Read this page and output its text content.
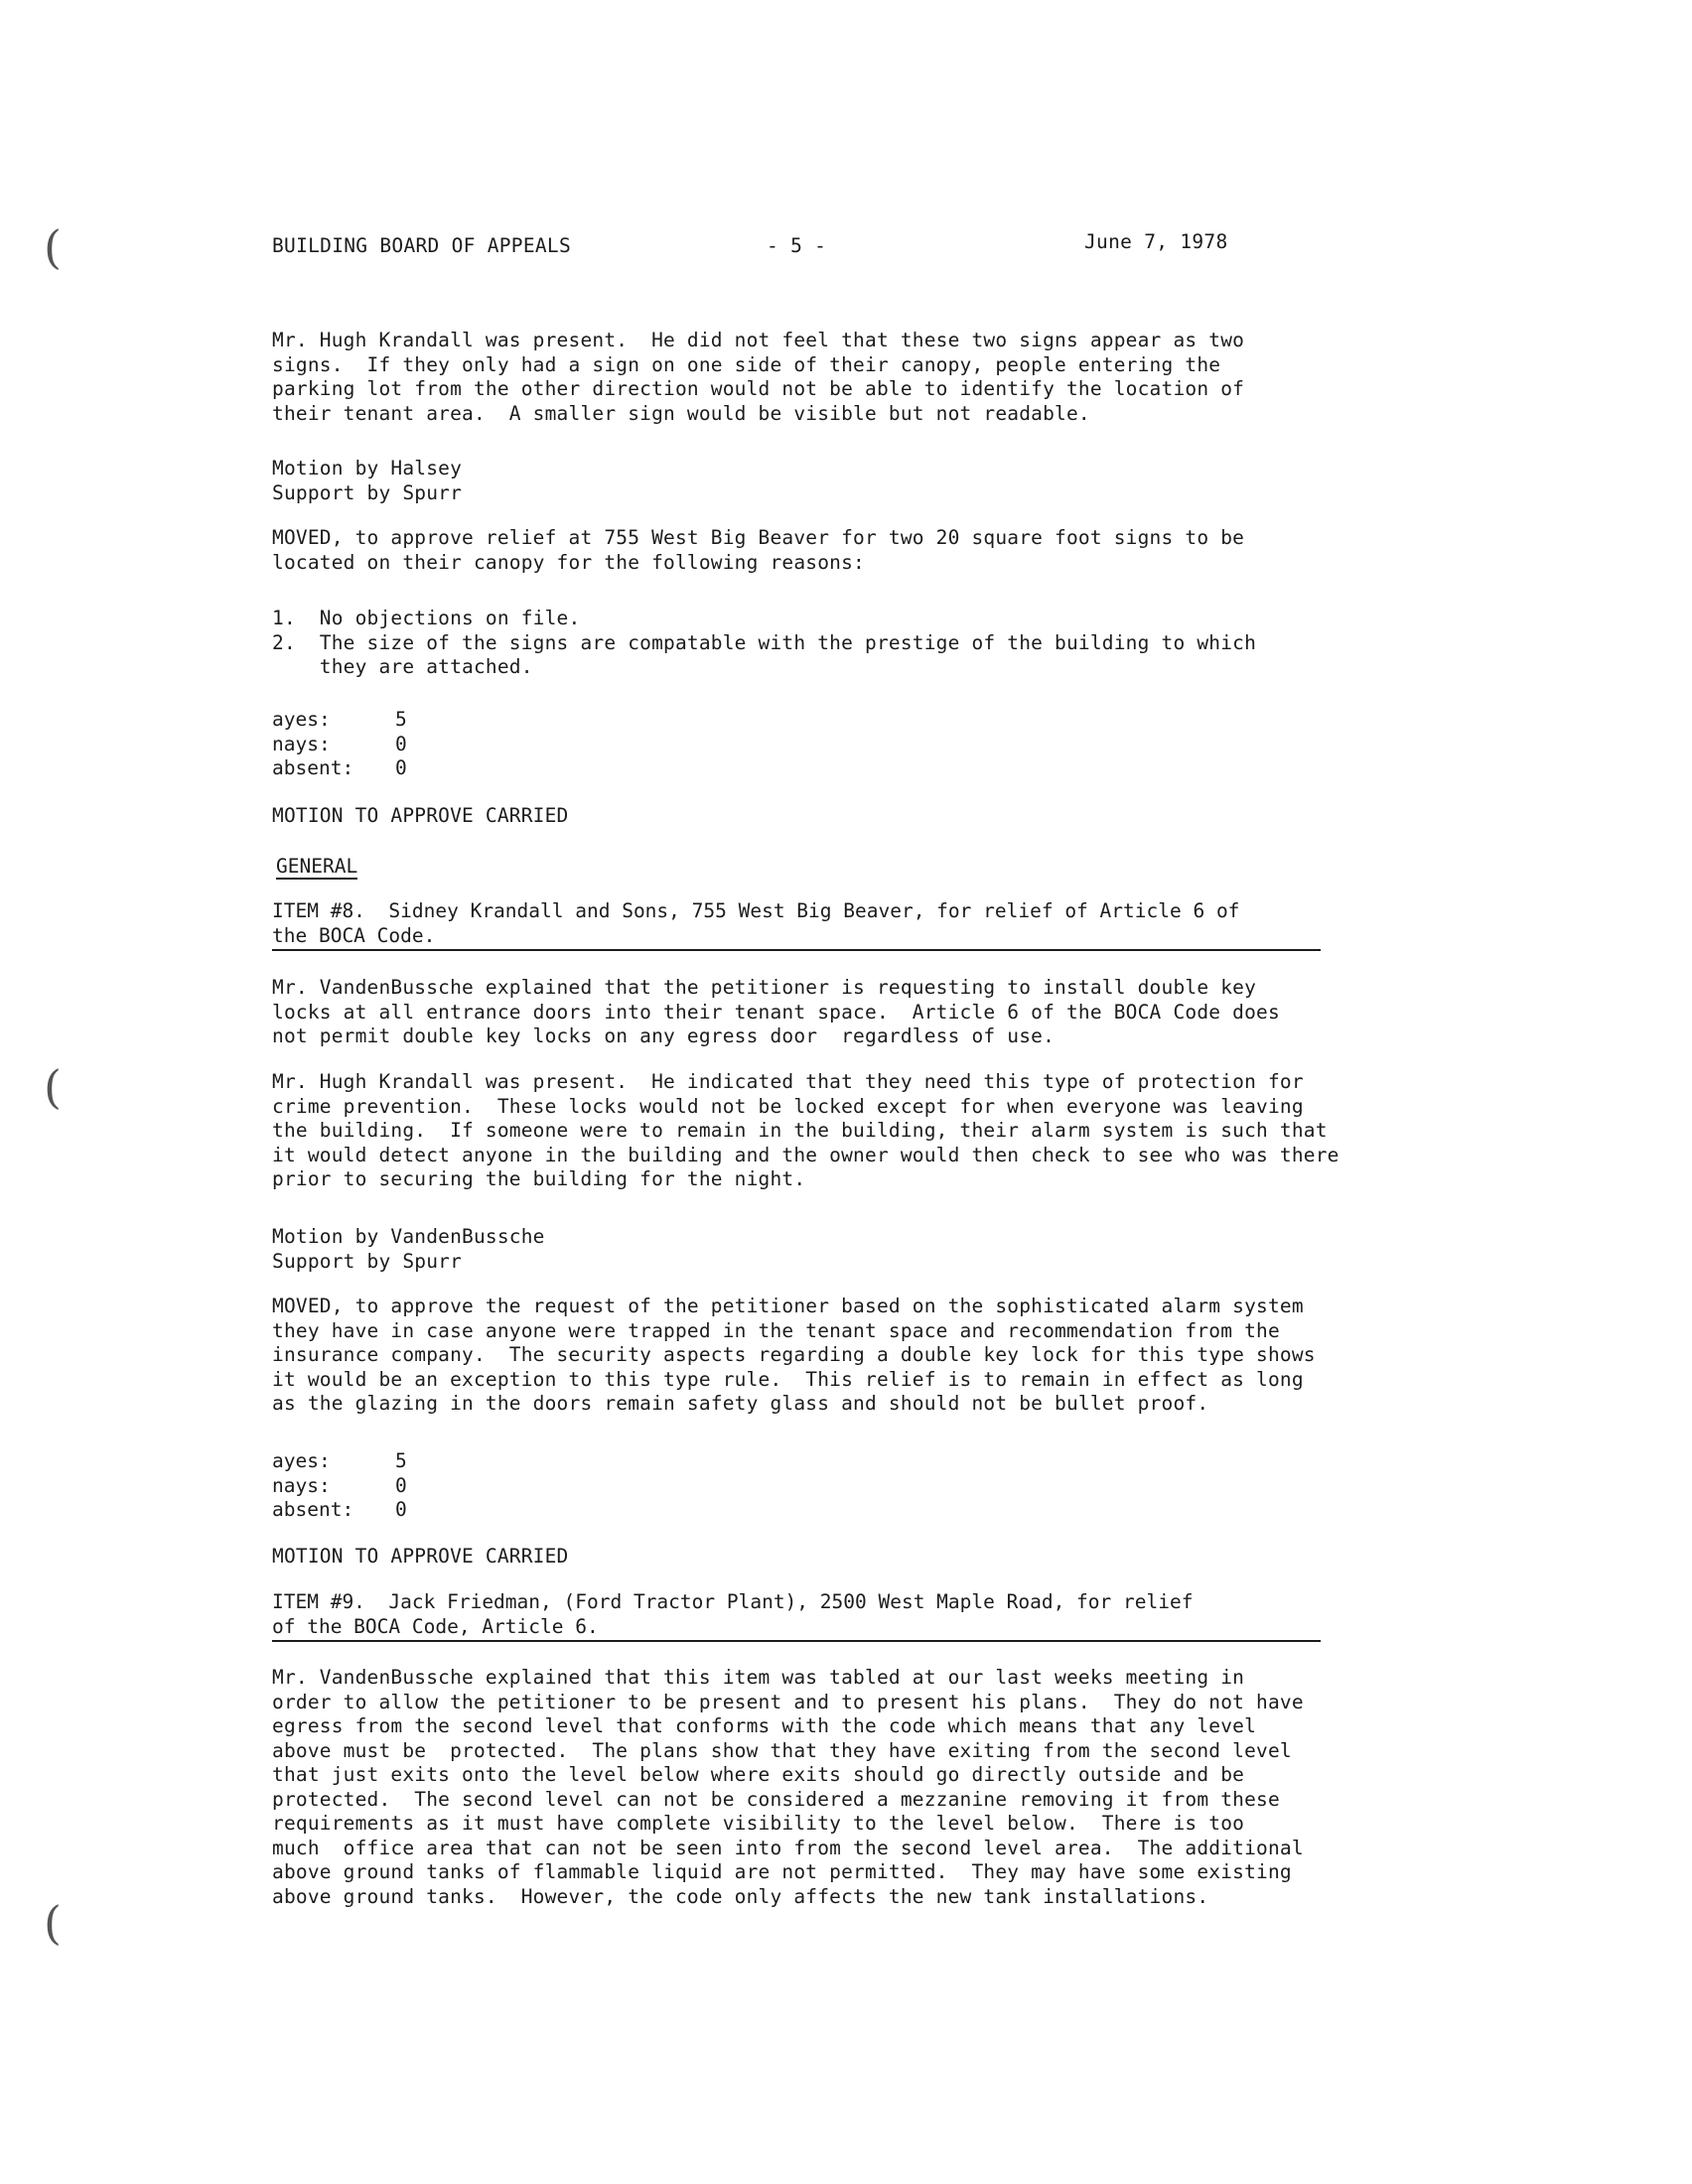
BUILDING BOARD OF APPEALS	- 5 -	June 7, 1978
Mr. Hugh Krandall was present.  He did not feel that these two signs appear as two
signs.  If they only had a sign on one side of their canopy, people entering the
parking lot from the other direction would not be able to identify the location of
their tenant area.  A smaller sign would be visible but not readable.
Motion by Halsey
Support by Spurr
MOVED, to approve relief at 755 West Big Beaver for two 20 square foot signs to be
located on their canopy for the following reasons:
1.  No objections on file.
2.  The size of the signs are compatable with the prestige of the building to which
they are attached.
ayes:	5
nays:	0
absent:	0
MOTION TO APPROVE CARRIED
GENERAL
ITEM #8.  Sidney Krandall and Sons, 755 West Big Beaver, for relief of Article 6 of
the BOCA Code.
Mr. VandenBussche explained that the petitioner is requesting to install double key
locks at all entrance doors into their tenant space.  Article 6 of the BOCA Code does
not permit double key locks on any egress door  regardless of use.
Mr. Hugh Krandall was present.  He indicated that they need this type of protection for
crime prevention.  These locks would not be locked except for when everyone was leaving
the building.  If someone were to remain in the building, their alarm system is such that
it would detect anyone in the building and the owner would then check to see who was there
prior to securing the building for the night.
Motion by VandenBussche
Support by Spurr
MOVED, to approve the request of the petitioner based on the sophisticated alarm system
they have in case anyone were trapped in the tenant space and recommendation from the
insurance company.  The security aspects regarding a double key lock for this type shows
it would be an exception to this type rule.  This relief is to remain in effect as long
as the glazing in the doors remain safety glass and should not be bullet proof.
ayes:	5
nays:	0
absent:	0
MOTION TO APPROVE CARRIED
ITEM #9.  Jack Friedman, (Ford Tractor Plant), 2500 West Maple Road, for relief
of the BOCA Code, Article 6.
Mr. VandenBussche explained that this item was tabled at our last weeks meeting in
order to allow the petitioner to be present and to present his plans.  They do not have
egress from the second level that conforms with the code which means that any level
above must be  protected.  The plans show that they have exiting from the second level
that just exits onto the level below where exits should go directly outside and be
protected.  The second level can not be considered a mezzanine removing it from these
requirements as it must have complete visibility to the level below.  There is too
much  office area that can not be seen into from the second level area.  The additional
above ground tanks of flammable liquid are not permitted.  They may have some existing
above ground tanks.  However, the code only affects the new tank installations.
(
(
(
